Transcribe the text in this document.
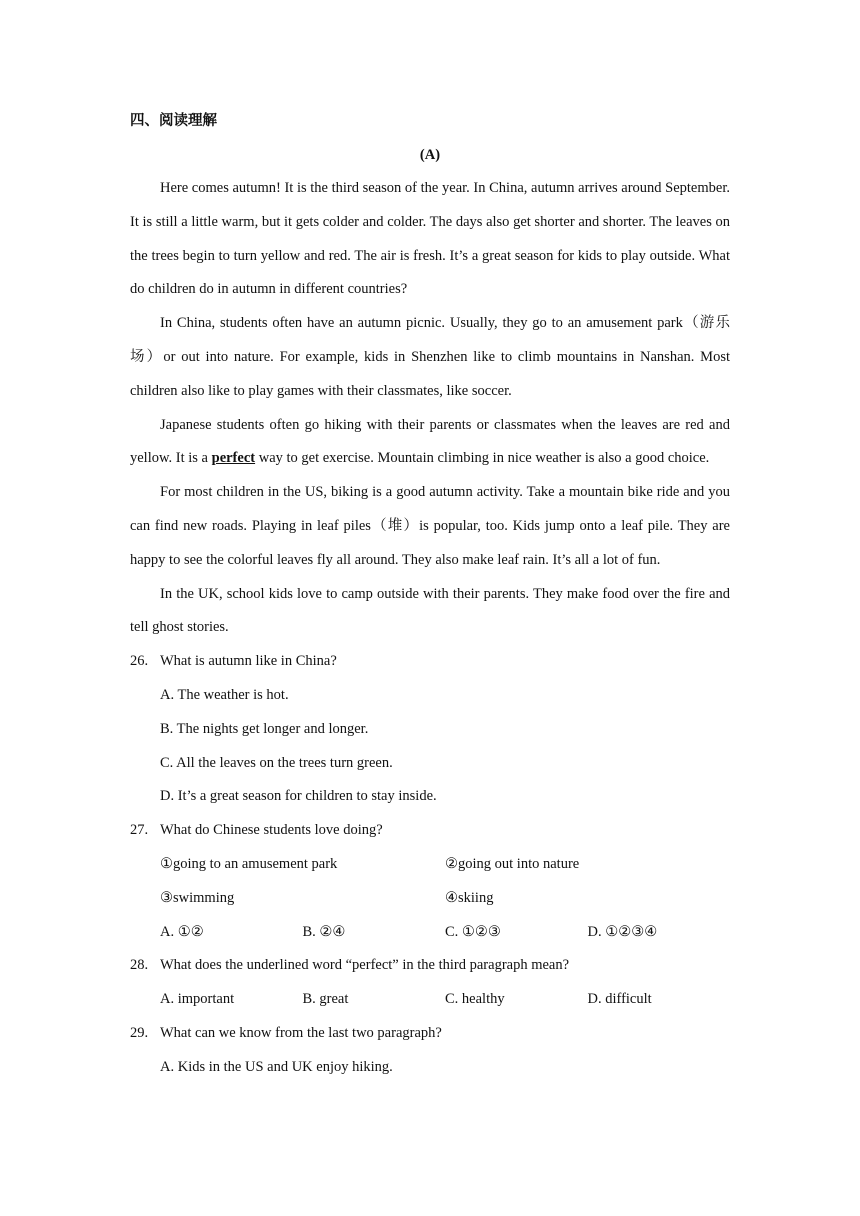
四、阅读理解
(A)

Here comes autumn! It is the third season of the year. In China, autumn arrives around September. It is still a little warm, but it gets colder and colder. The days also get shorter and shorter. The leaves on the trees begin to turn yellow and red. The air is fresh. It’s a great season for kids to play outside. What do children do in autumn in different countries?

In China, students often have an autumn picnic. Usually, they go to an amusement park（游乐场）or out into nature. For example, kids in Shenzhen like to climb mountains in Nanshan. Most children also like to play games with their classmates, like soccer.

Japanese students often go hiking with their parents or classmates when the leaves are red and yellow. It is a perfect way to get exercise. Mountain climbing in nice weather is also a good choice.

For most children in the US, biking is a good autumn activity. Take a mountain bike ride and you can find new roads. Playing in leaf piles（堆）is popular, too. Kids jump onto a leaf pile. They are happy to see the colorful leaves fly all around. They also make leaf rain. It’s all a lot of fun.

In the UK, school kids love to camp outside with their parents. They make food over the fire and tell ghost stories.

26. What is autumn like in China?
A. The weather is hot.
B. The nights get longer and longer.
C. All the leaves on the trees turn green.
D. It’s a great season for children to stay inside.
27. What do Chinese students love doing?
①going to an amusement park	②going out into nature
③swimming	④skiing
A. ①②	B. ②④	C. ①②③	D. ①②③④
28. What does the underlined word “perfect” in the third paragraph mean?
A. important	B. great	C. healthy	D. difficult
29. What can we know from the last two paragraph?
A. Kids in the US and UK enjoy hiking.
